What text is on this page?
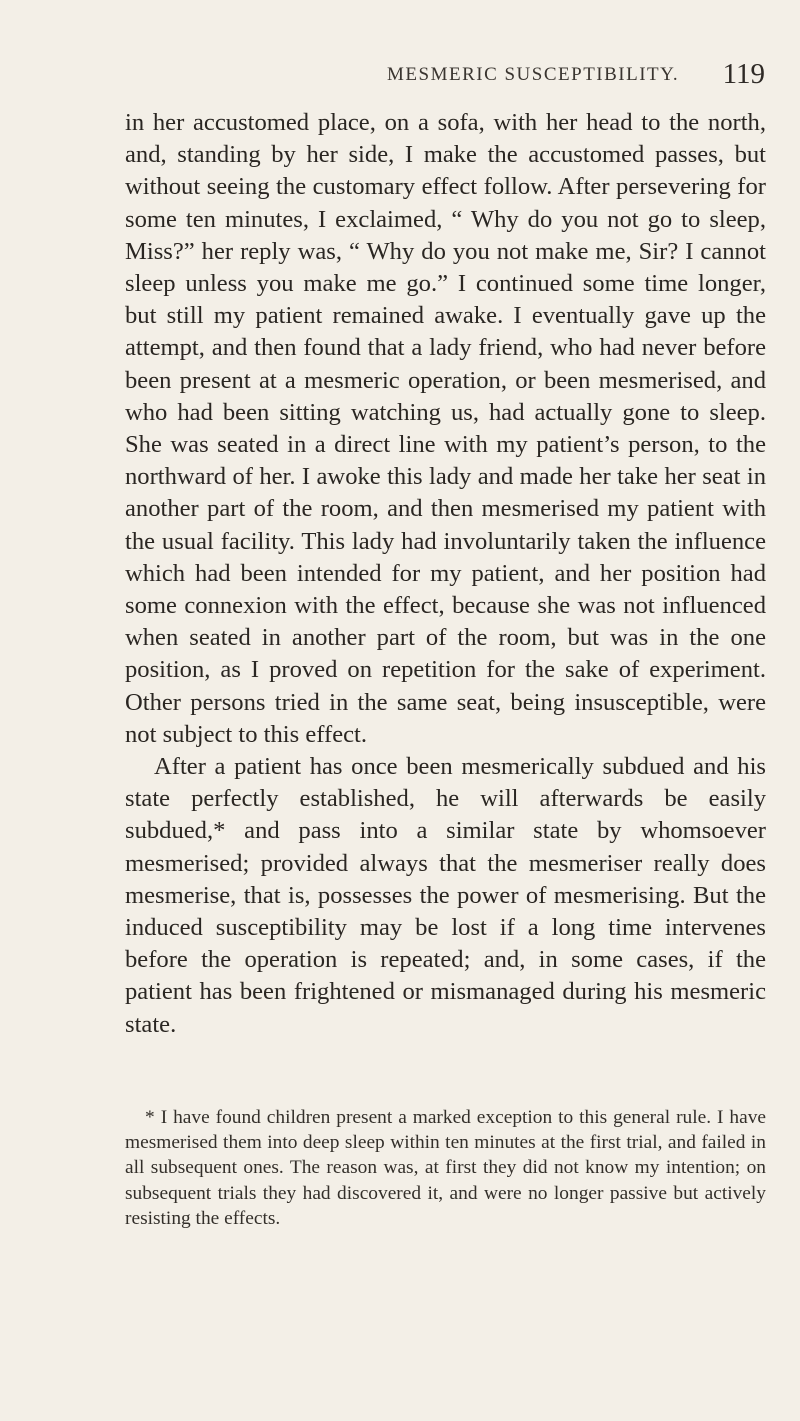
MESMERIC SUSCEPTIBILITY. 119

in her accustomed place, on a sofa, with her head to the north, and, standing by her side, I make the accustomed passes, but without seeing the customary effect follow. After persevering for some ten minutes, I exclaimed, “ Why do you not go to sleep, Miss?” her reply was, “ Why do you not make me, Sir? I cannot sleep unless you make me go.” I continued some time longer, but still my patient remained awake. I eventually gave up the attempt, and then found that a lady friend, who had never before been present at a mesmeric operation, or been mesmerised, and who had been sitting watching us, had actually gone to sleep. She was seated in a direct line with my patient’s person, to the northward of her. I awoke this lady and made her take her seat in another part of the room, and then mesmerised my patient with the usual facility. This lady had involuntarily taken the influence which had been intended for my patient, and her position had some connexion with the effect, because she was not influenced when seated in another part of the room, but was in the one position, as I proved on repetition for the sake of experiment. Other persons tried in the same seat, being insusceptible, were not subject to this effect.

After a patient has once been mesmerically subdued and his state perfectly established, he will afterwards be easily subdued,* and pass into a similar state by whomsoever mesmerised; provided always that the mesmeriser really does mesmerise, that is, possesses the power of mesmerising. But the induced susceptibility may be lost if a long time intervenes before the operation is repeated; and, in some cases, if the patient has been frightened or mismanaged during his mesmeric state.

* I have found children present a marked exception to this general rule. I have mesmerised them into deep sleep within ten minutes at the first trial, and failed in all subsequent ones. The reason was, at first they did not know my intention; on subsequent trials they had discovered it, and were no longer passive but actively resisting the effects.
